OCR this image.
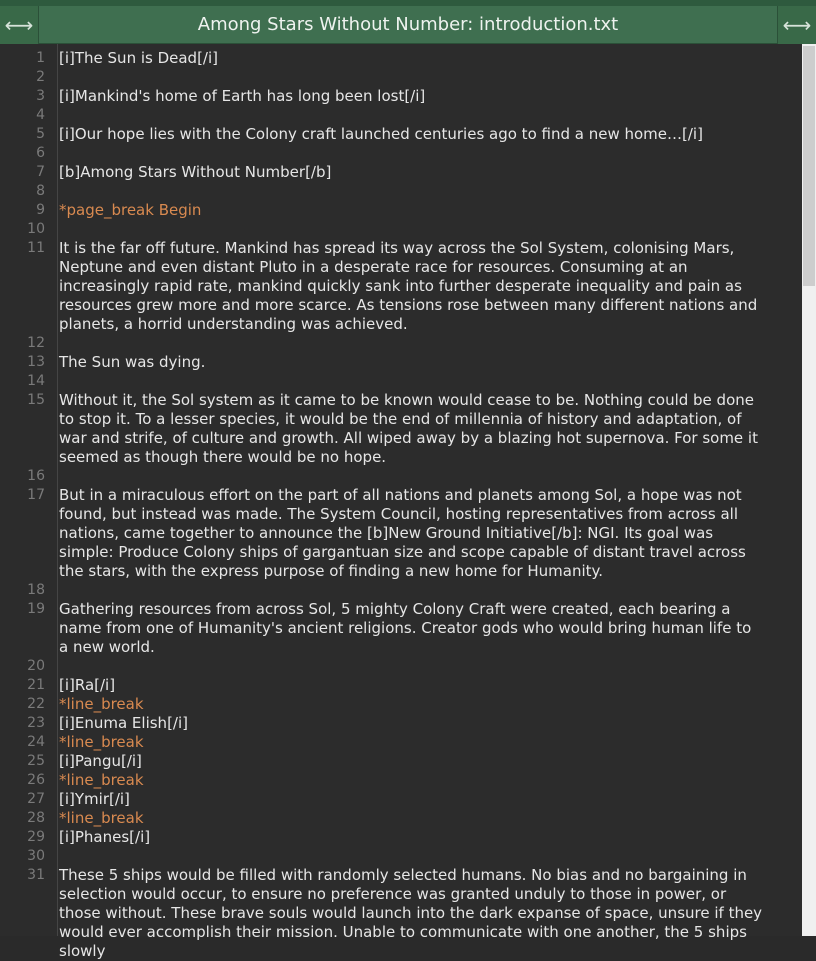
⟷	Among Stars Without Number: introduction.txt	⟷
1 [i]The Sun is Dead[/i]
2
3 [i]Mankind's home of Earth has long been lost[/i]
4
5 [i]Our hope lies with the Colony craft launched centuries ago to find a new home…[/i]
6
7 [b]Among Stars Without Number[/b]
8
9 *page_break Begin
10
11 It is the far off future. Mankind has spread its way across the Sol System, colonising Mars, Neptune and even distant Pluto in a desperate race for resources. Consuming at an increasingly rapid rate, mankind quickly sank into further desperate inequality and pain as resources grew more and more scarce. As tensions rose between many different nations and planets, a horrid understanding was achieved.
12
13 The Sun was dying.
14
15 Without it, the Sol system as it came to be known would cease to be. Nothing could be done to stop it. To a lesser species, it would be the end of millennia of history and adaptation, of war and strife, of culture and growth. All wiped away by a blazing hot supernova. For some it seemed as though there would be no hope.
16
17 But in a miraculous effort on the part of all nations and planets among Sol, a hope was not found, but instead was made. The System Council, hosting representatives from across all nations, came together to announce the [b]New Ground Initiative[/b]: NGI. Its goal was simple: Produce Colony ships of gargantuan size and scope capable of distant travel across the stars, with the express purpose of finding a new home for Humanity.
18
19 Gathering resources from across Sol, 5 mighty Colony Craft were created, each bearing a name from one of Humanity's ancient religions. Creator gods who would bring human life to a new world.
20
21 [i]Ra[/i]
22 *line_break
23 [i]Enuma Elish[/i]
24 *line_break
25 [i]Pangu[/i]
26 *line_break
27 [i]Ymir[/i]
28 *line_break
29 [i]Phanes[/i]
30
31 These 5 ships would be filled with randomly selected humans. No bias and no bargaining in selection would occur, to ensure no preference was granted unduly to those in power, or those without. These brave souls would launch into the dark expanse of space, unsure if they would ever accomplish their mission. Unable to communicate with one another, the 5 ships slowly
